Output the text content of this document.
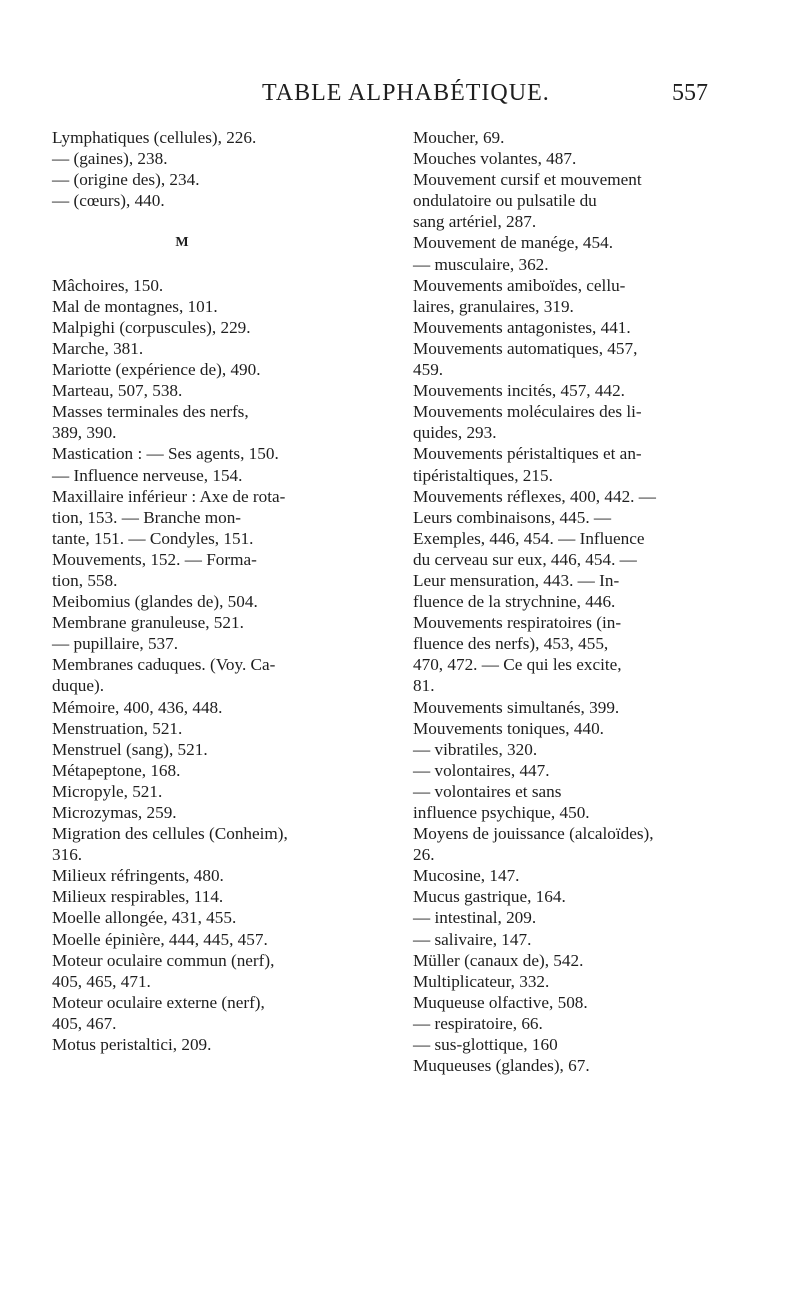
TABLE ALPHABÉTIQUE.	557
Lymphatiques (cellules), 226.
— (gaines), 238.
— (origine des), 234.
— (cœurs), 440.
M
Mâchoires, 150.
Mal de montagnes, 101.
Malpighi (corpuscules), 229.
Marche, 381.
Mariotte (expérience de), 490.
Marteau, 507, 538.
Masses terminales des nerfs,
389, 390.
Mastication : — Ses agents, 150.
— Influence nerveuse, 154.
Maxillaire inférieur : Axe de rota-
tion, 153. — Branche mon-
tante, 151. — Condyles, 151.
Mouvements, 152. — Forma-
tion, 558.
Meibomius (glandes de), 504.
Membrane granuleuse, 521.
— pupillaire, 537.
Membranes caduques. (Voy. Ca-
duque).
Mémoire, 400, 436, 448.
Menstruation, 521.
Menstruel (sang), 521.
Métapeptone, 168.
Micropyle, 521.
Microzymas, 259.
Migration des cellules (Conheim),
316.
Milieux réfringents, 480.
Milieux respirables, 114.
Moelle allongée, 431, 455.
Moelle épinière, 444, 445, 457.
Moteur oculaire commun (nerf),
405, 465, 471.
Moteur oculaire externe (nerf),
405, 467.
Motus peristaltici, 209.
Moucher, 69.
Mouches volantes, 487.
Mouvement cursif et mouvement
ondulatoire ou pulsatile du
sang artériel, 287.
Mouvement de manége, 454.
— musculaire, 362.
Mouvements amiboïdes, cellu-
laires, granulaires, 319.
Mouvements antagonistes, 441.
Mouvements automatiques, 457,
459.
Mouvements incités, 457, 442.
Mouvements moléculaires des li-
quides, 293.
Mouvements péristaltiques et an-
tipéristaltiques, 215.
Mouvements réflexes, 400, 442. —
Leurs combinaisons, 445. —
Exemples, 446, 454. — Influence
du cerveau sur eux, 446, 454. —
Leur mensuration, 443. — In-
fluence de la strychnine, 446.
Mouvements respiratoires (in-
fluence des nerfs), 453, 455,
470, 472. — Ce qui les excite,
81.
Mouvements simultanés, 399.
Mouvements toniques, 440.
— vibratiles, 320.
— volontaires, 447.
— volontaires et sans
influence psychique, 450.
Moyens de jouissance (alcaloïdes),
26.
Mucosine, 147.
Mucus gastrique, 164.
— intestinal, 209.
— salivaire, 147.
Müller (canaux de), 542.
Multiplicateur, 332.
Muqueuse olfactive, 508.
— respiratoire, 66.
— sus-glottique, 160
Muqueuses (glandes), 67.
